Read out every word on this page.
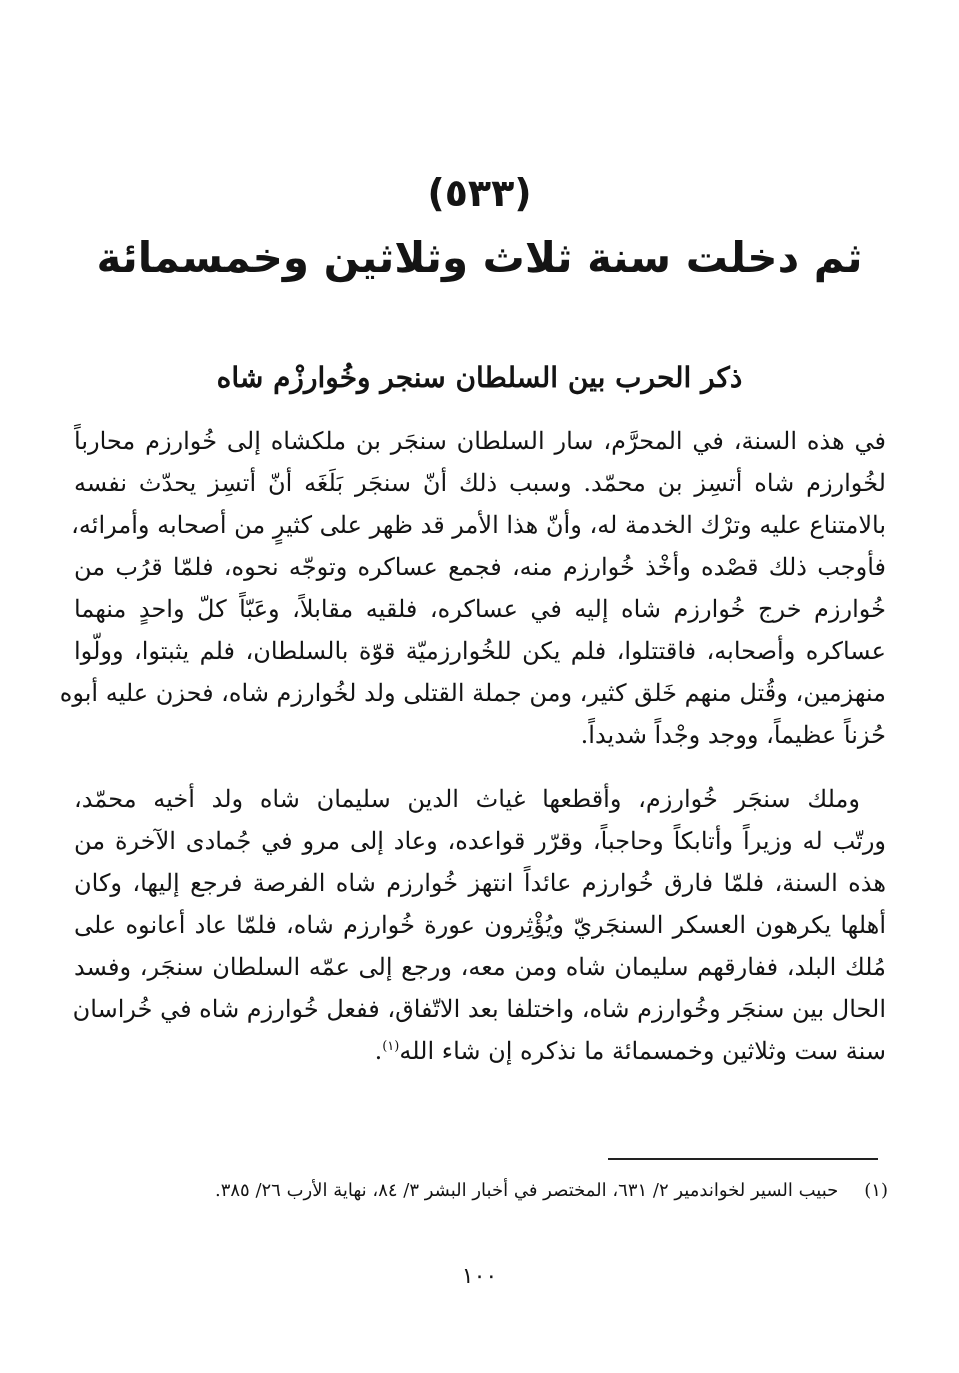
(٥٣٣)
ثم دخلت سنة ثلاث وثلاثين وخمسمائة
ذكر الحرب بين السلطان سنجر وخُوارزْم شاه
في هذه السنة، في المحرَّم، سار السلطان سنجَر بن ملكشاه إلى خُوارزم محارباً
لخُوارزم شاه أتسِز بن محمّد. وسبب ذلك أنّ سنجَر بَلَغَه أنّ أتسِز يحدّث نفسه
بالامتناع عليه وترْك الخدمة له، وأنّ هذا الأمر قد ظهر على كثيرٍ من أصحابه وأمرائه،
فأوجب ذلك قصْده وأخْذ خُوارزم منه، فجمع عساكره وتوجّه نحوه، فلمّا قرُب من
خُوارزم خرج خُوارزم شاه إليه في عساكره، فلقيه مقابلاً، وعَبّاً كلّ واحدٍ منهما
عساكره وأصحابه، فاقتتلوا، فلم يكن للخُوارزميّة قوّة بالسلطان، فلم يثبتوا، وولّوا
منهزمين، وقُتل منهم خَلق كثير، ومن جملة القتلى ولد لخُوارزم شاه، فحزن عليه أبوه
حُزناً عظيماً، ووجد وجْداً شديداً.
وملك سنجَر خُوارزم، وأقطعها غياث الدين سليمان شاه ولد أخيه محمّد،
ورتّب له وزيراً وأتابكاً وحاجباً، وقرّر قواعده، وعاد إلى مرو في جُمادى الآخرة من
هذه السنة، فلمّا فارق خُوارزم عائداً انتهز خُوارزم شاه الفرصة فرجع إليها، وكان
أهلها يكرهون العسكر السنجَريّ ويُؤْثِرون عورة خُوارزم شاه، فلمّا عاد أعانوه على
مُلك البلد، ففارقهم سليمان شاه ومن معه، ورجع إلى عمّه السلطان سنجَر، وفسد
الحال بين سنجَر وخُوارزم شاه، واختلفا بعد الاتّفاق، ففعل خُوارزم شاه في خُراسان
سنة ست وثلاثين وخمسمائة ما نذكره إن شاء الله$^{(١)}$.
(١)حبيب السير لخواندمير ٢/ ٦٣١، المختصر في أخبار البشر ٣/ ٨٤، نهاية الأرب ٢٦/ ٣٨٥.
١٠٠
